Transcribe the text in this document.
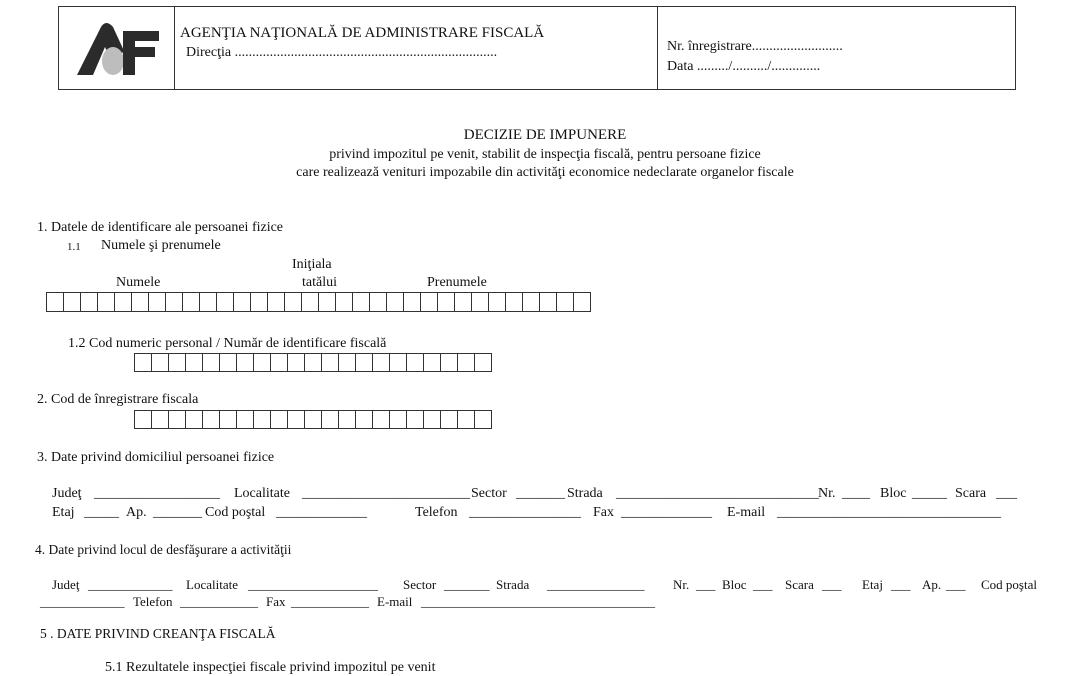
AGENŢIA NAŢIONALĂ DE ADMINISTRARE FISCALĂ
Direcţia ...........................................................................	Nr. înregistrare..........................
Data ........./........../..............
DECIZIE DE IMPUNERE
privind impozitul pe venit, stabilit de inspecţia fiscală, pentru persoane fizice
care realizează venituri impozabile din activităţi economice nedeclarate organelor fiscale
1. Datele de identificare ale persoanei fizice
1.1 Numele şi prenumele
Iniţiala
Numele	tatălui	Prenumele
1.2 Cod numeric personal / Număr de identificare fiscală
2. Cod de înregistrare fiscala
3. Date privind domiciliul persoanei fizice
Judeţ __________________ Localitate ________________________ Sector _______ Strada _____________________________ Nr. ____ Bloc _____ Scara ___
Etaj _____ Ap. _______ Cod poştal _____________	Telefon ________________ Fax _____________ E-mail ________________________________
4. Date privind locul de desfăşurare a activităţii
Judeţ _____________ Localitate ____________________ Sector _______ Strada _______________ Nr. ___ Bloc ___ Scara ___ Etaj ___ Ap. ___ Cod poştal
_____________ Telefon ____________ Fax ____________ E-mail ____________________________________
5 . DATE PRIVIND CREANŢA FISCALĂ
5.1 Rezultatele inspecţiei fiscale privind impozitul pe venit
